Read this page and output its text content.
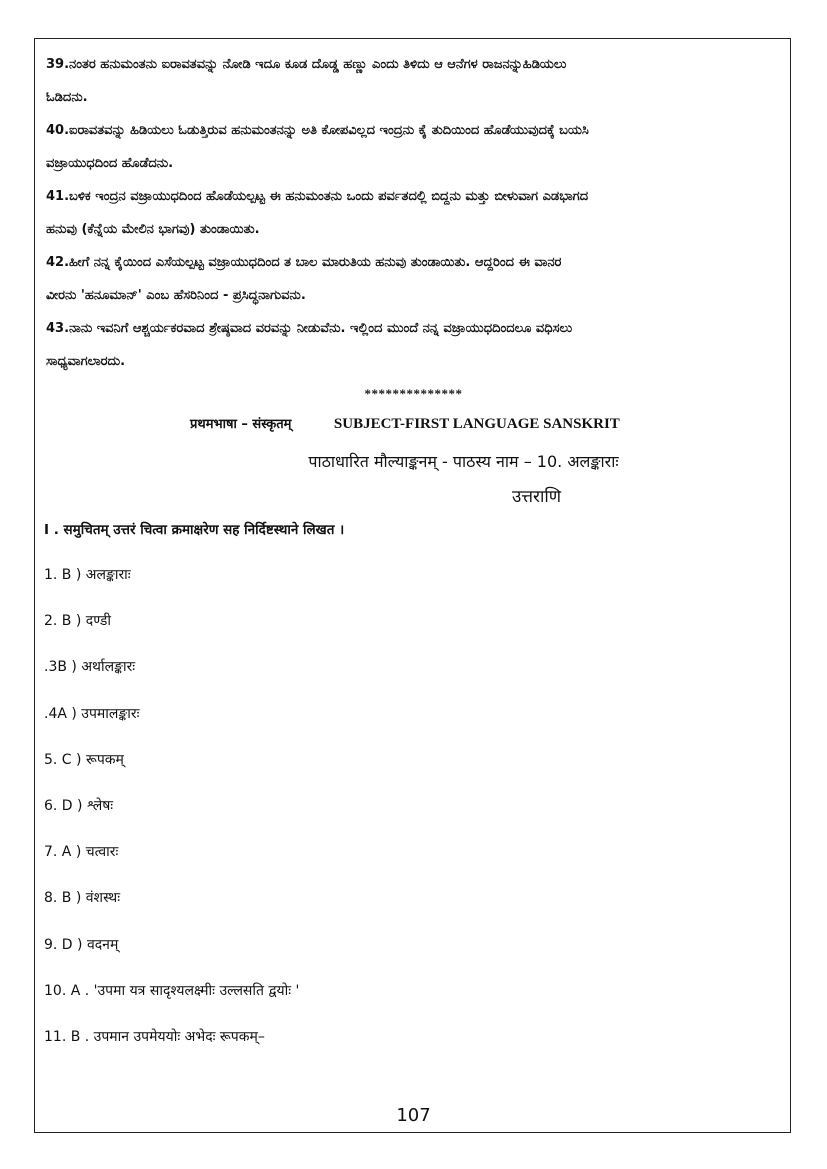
39.ನಂತರ ಹನುಮಂತನು ಐರಾವತವನ್ನು ನೋಡಿ ಇದೂ ಕೂಡ ದೊಡ್ಡ ಹಣ್ಣು ಎಂದು ತಿಳಿದು ಆ ಆನೆಗಳ ರಾಜನನ್ನುಹಿಡಿಯಲು

ಓಡಿದನು.

40.ಐರಾವತವನ್ನು ಹಿಡಿಯಲು ಓಡುತ್ತಿರುವ ಹನುಮಂತನನ್ನು ಅತಿ ಕೋಪವಿಲ್ಲದ ಇಂದ್ರನು ಕೈ ತುದಿಯಿಂದ ಹೊಡೆಯುವುದಕ್ಕೆ ಬಯಸಿ

ವಜ್ರಾಯುಧದಿಂದ ಹೊಡೆದನು.

41.ಬಳಿಕ ಇಂದ್ರನ ವಜ್ರಾಯುಧದಿಂದ ಹೊಡೆಯಲ್ಪಟ್ಟ ಈ ಹನುಮಂತನು ಒಂದು ಪರ್ವತದಲ್ಲಿ ಬಿದ್ದನು ಮತ್ತು ಬೀಳುವಾಗ ಎಡಭಾಗದ

ಹನುವು (ಕೆನ್ನೆಯ ಮೇಲಿನ ಭಾಗವು) ತುಂಡಾಯಿತು.

42.ಹೀಗೆ ನನ್ನ ಕೈಯಿಂದ ಎಸೆಯಲ್ಪಟ್ಟ ವಜ್ರಾಯುಧದಿಂದ ತ ಬಾಲ ಮಾರುತಿಯ ಹನುವು ತುಂಡಾಯಿತು. ಆದ್ದರಿಂದ ಈ ವಾನರ

ವೀರನು 'ಹನೂಮಾನ್' ಎಂಬ ಹೆಸರಿನಿಂದ - ಪ್ರಸಿದ್ಧನಾಗುವನು.

43.ನಾನು ಇವನಿಗೆ ಆಶ್ಚರ್ಯಕರವಾದ ಶ್ರೇಷ್ಠವಾದ ವರವನ್ನು ನೀಡುವೆನು. ಇಲ್ಲಿಂದ ಮುಂದೆ ನನ್ನ ವಜ್ರಾಯುಧದಿಂದಲೂ ವಧಿಸಲು

ಸಾಧ್ಯವಾಗಲಾರದು.

**************
प्रथमभाषा – संस्कृतम्	SUBJECT-FIRST LANGUAGE SANSKRIT
पाठाधारित मौल्याङ्कनम् - पाठस्य नाम – 10. अलङ्काराः
उत्तराणि
I . समुचितम् उत्तरं चित्वा क्रमाक्षरेण सह निर्दिष्टस्थाने लिखत ।
1. B ) अलङ्काराः
2. B ) दण्डी
.3B ) अर्थालङ्कारः
.4A ) उपमालङ्कारः
5. C ) रूपकम्
6. D ) श्लेषः
7. A ) चत्वारः
8. B ) वंशस्थः
9. D ) वदनम्
10. A . 'उपमा यत्र सादृश्यलक्ष्मीः उल्लसति द्वयोः '
11. B . उपमान उपमेययोः अभेदः रूपकम्–
107
